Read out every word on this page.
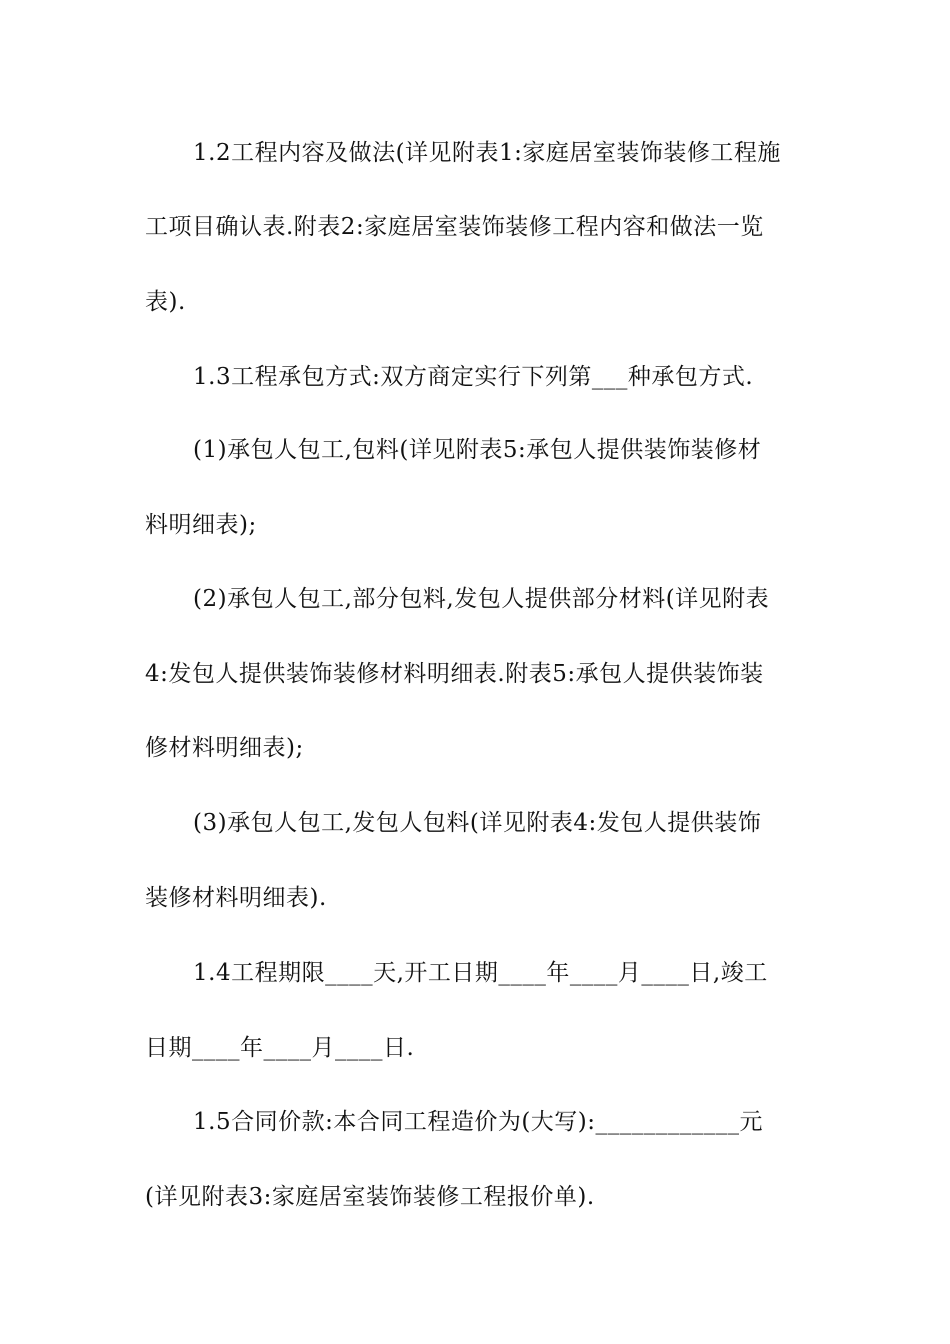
1.2工程内容及做法(详见附表1:家庭居室装饰装修工程施
工项目确认表.附表2:家庭居室装饰装修工程内容和做法一览
表).
1.3工程承包方式:双方商定实行下列第___种承包方式.
(1)承包人包工,包料(详见附表5:承包人提供装饰装修材
料明细表);
(2)承包人包工,部分包料,发包人提供部分材料(详见附表
4:发包人提供装饰装修材料明细表.附表5:承包人提供装饰装
修材料明细表);
(3)承包人包工,发包人包料(详见附表4:发包人提供装饰
装修材料明细表).
1.4工程期限____天,开工日期____年____月____日,竣工
日期____年____月____日.
1.5合同价款:本合同工程造价为(大写):____________元
(详见附表3:家庭居室装饰装修工程报价单).
